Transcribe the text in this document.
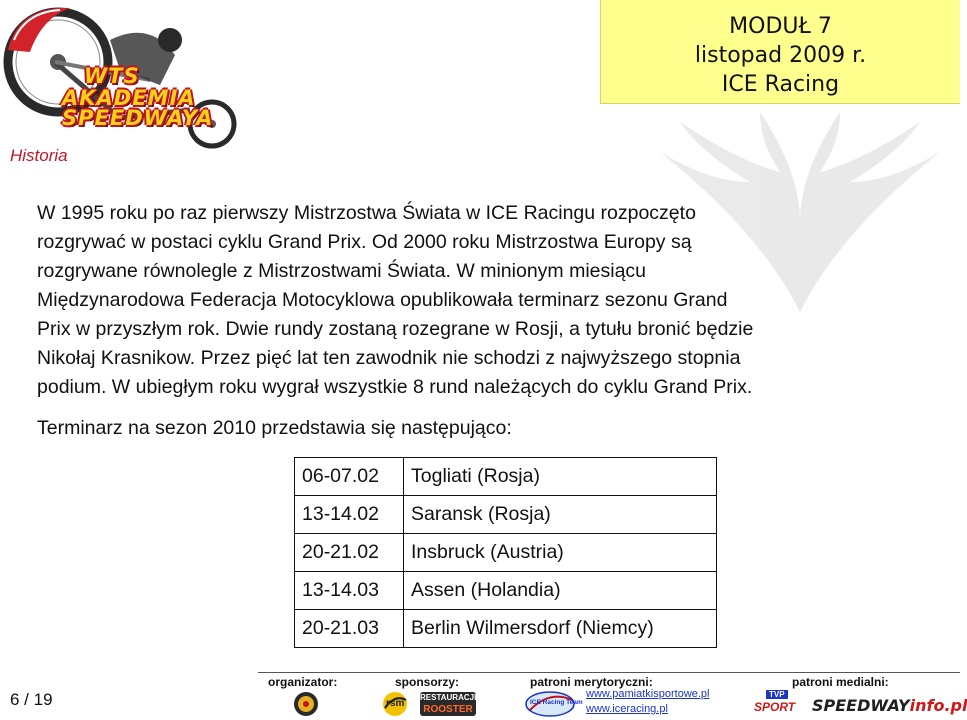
WTS
AKADEMIA
SPEEDWAYA
Historia
MODUŁ 7
listopad 2009 r.
ICE Racing

W 1995 roku po raz pierwszy Mistrzostwa Świata w ICE Racingu rozpoczęto

rozgrywać w postaci cyklu Grand Prix. Od 2000 roku Mistrzostwa Europy są

rozgrywane równolegle z Mistrzostwami Świata. W minionym miesiącu

Międzynarodowa Federacja Motocyklowa opublikowała terminarz sezonu Grand

Prix w przyszłym rok. Dwie rundy zostaną rozegrane w Rosji, a tytułu bronić będzie

Nikołaj Krasnikow. Przez pięć lat ten zawodnik nie schodzi z najwyższego stopnia

podium. W ubiegłym roku wygrał wszystkie 8 rund należących do cyklu Grand Prix.

Terminarz na sezon 2010 przedstawia się następująco:
06-07.02	Togliati (Rosja)
13-14.02	Saransk (Rosja)
20-21.02	Insbruck (Austria)
13-14.03	Assen (Holandia)
20-21.03	Berlin Wilmersdorf (Niemcy)
6 / 19
organizator:	sponsorzy:	patroni merytoryczni:	patroni medialni:
rsm
RESTAURACJE
ROOSTER
ICE Racing Team
www.pamiatkisportowe.pl
www.iceracing.pl
TVP
SPORT SPEEDWAYinfo.pl
